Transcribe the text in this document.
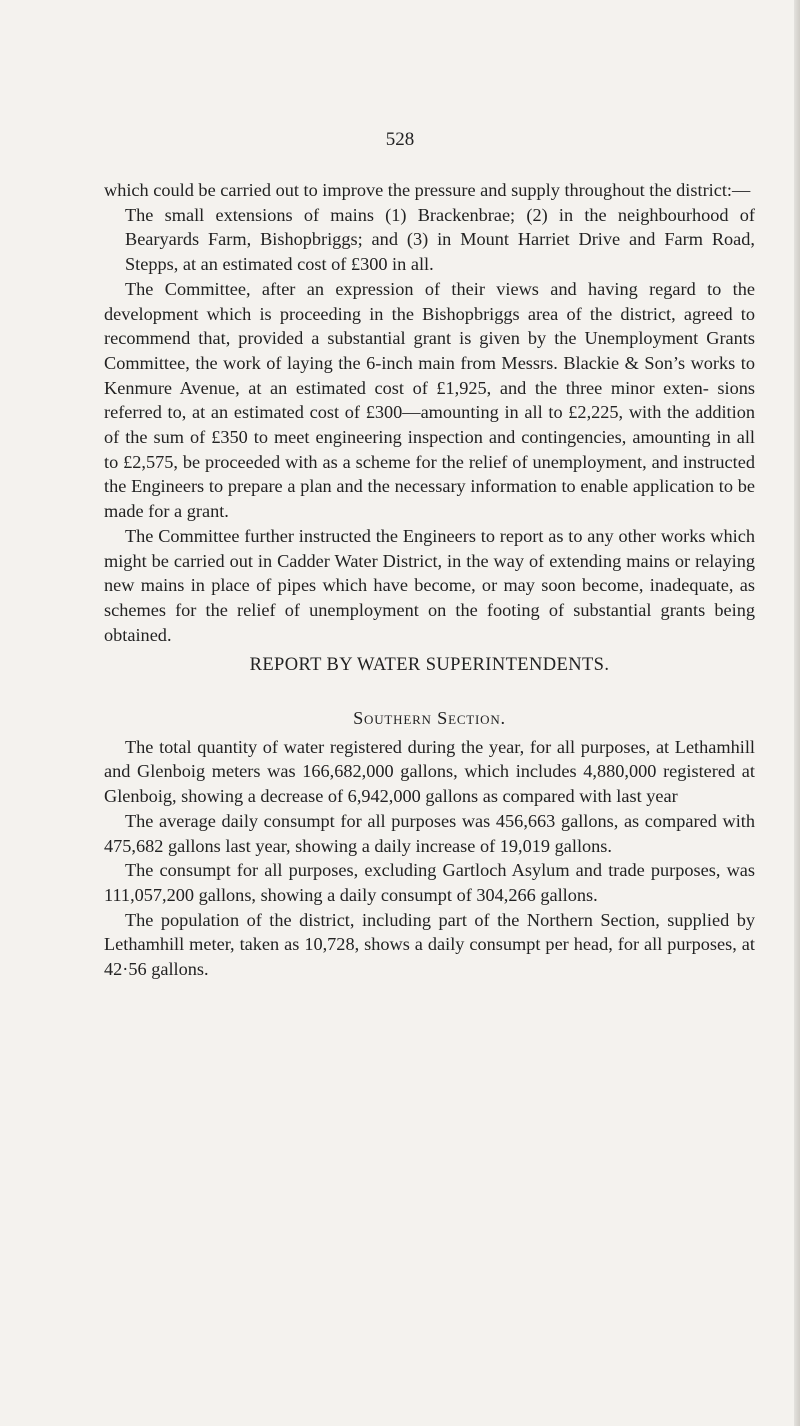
528

which could be carried out to improve the pressure and supply throughout the district:—

The small extensions of mains (1) Brackenbrae; (2) in the neighbourhood of Bearyards Farm, Bishopbriggs; and (3) in Mount Harriet Drive and Farm Road, Stepps, at an estimated cost of £300 in all.

The Committee, after an expression of their views and having regard to the development which is proceeding in the Bishopbriggs area of the district, agreed to recommend that, provided a substantial grant is given by the Unemployment Grants Committee, the work of laying the 6-inch main from Messrs. Blackie & Son’s works to Kenmure Avenue, at an estimated cost of £1,925, and the three minor exten- sions referred to, at an estimated cost of £300—amounting in all to £2,225, with the addition of the sum of £350 to meet engineering inspection and contingencies, amounting in all to £2,575, be proceeded with as a scheme for the relief of unemployment, and instructed the Engineers to prepare a plan and the necessary information to enable application to be made for a grant.

The Committee further instructed the Engineers to report as to any other works which might be carried out in Cadder Water District, in the way of extending mains or relaying new mains in place of pipes which have become, or may soon become, inadequate, as schemes for the relief of unemployment on the footing of substantial grants being obtained.

REPORT BY WATER SUPERINTENDENTS.

Southern Section.

The total quantity of water registered during the year, for all purposes, at Lethamhill and Glenboig meters was 166,682,000 gallons, which includes 4,880,000 registered at Glenboig, showing a decrease of 6,942,000 gallons as compared with last year

The average daily consumpt for all purposes was 456,663 gallons, as compared with 475,682 gallons last year, showing a daily increase of 19,019 gallons.

The consumpt for all purposes, excluding Gartloch Asylum and trade purposes, was 111,057,200 gallons, showing a daily consumpt of 304,266 gallons.

The population of the district, including part of the Northern Section, supplied by Lethamhill meter, taken as 10,728, shows a daily consumpt per head, for all purposes, at 42·56 gallons.
